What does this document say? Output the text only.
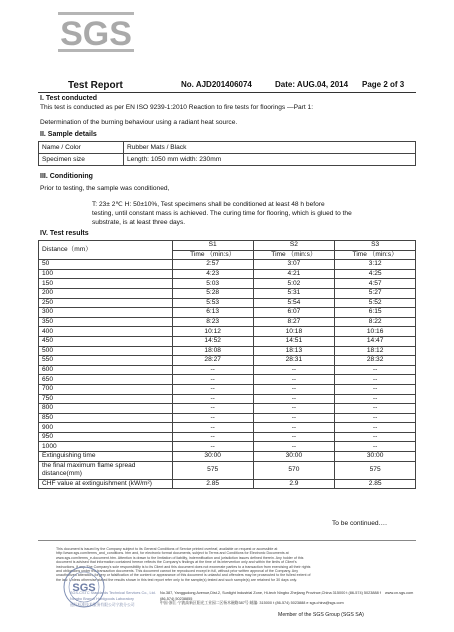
SGS
Test Report	No. AJD201406074	Date: AUG.04, 2014 Page 2 of 3
I. Test conducted
This test is conducted as per EN ISO 9239-1:2010 Reaction to fire tests for floorings —Part 1:
Determination of the burning behaviour using a radiant heat source.
II. Sample details
Name / Color	Rubber Mats / Black
Specimen size	Length: 1050 mm width: 230mm
III. Conditioning
Prior to testing, the sample was conditioned,
T: 23± 2℃ H: 50±10%, Test specimens shall be conditioned at least 48 h before
testing, until constant mass is achieved. The curing time for flooring, which is glued to the
substrate, is at least three days.
IV. Test results
Distance（mm）	S1	S2	S3
	Time （min:s）	Time （min:s）	Time （min:s）
50	2:57	3:07	3:12
100	4:23	4:21	4:25
150	5:03	5:02	4:57
200	5:28	5:31	5:27
250	5:53	5:54	5:52
300	6:13	6:07	6:15
350	8:23	8:27	8:22
400	10:12	10:18	10:16
450	14:52	14:51	14:47
500	18:08	18:13	18:12
550	28:27	28:31	28:32
600	--	--	--
650	--	--	--
700	--	--	--
750	--	--	--
800	--	--	--
850	--	--	--
900	--	--	--
950	--	--	--
1000	--	--	--
Extinguishing time	30:00	30:00	30:00

the final maximum flame spread
distance(mm)	575	570	575
CHF value at extinguishment (kW/m²)	2.85	2.9	2.85
To be continued….
This document is issued by the Company subject to its General Conditions of Service printed overleaf, available on request or accessible at http://www.sgs.com/terms_and_conditions. htm and, for electronic format documents, subject to Terms and Conditions for Electronic Documents at www.sgs.com/terms_e-document.htm. Attention is drawn to the limitation of liability, indemnification and jurisdiction issues defined therein. Any holder of this document is advised that information contained hereon reflects the Company's findings at the time of its intervention only and within the limits of Client's instructions, if any. The Company's sole responsibility is to its Client and this document does not exonerate parties to a transaction from exercising all their rights and obligations under the transaction documents. This document cannot be reproduced except in full, without prior written approval of the Company. Any unauthorized alteration, forgery or falsification of the content or appearance of this document is unlawful and offenders may be prosecuted to the fullest extent of the law. Unless otherwise stated the results shown in this test report refer only to the sample(s) tested and such sample(s) are retained for 30 days only.
SGS
SGS-CSTC Standards Technical Services Co., Ltd.
Ningbo Branch Hardgoods Laboratory
通标标准技术服务有限公司宁波分公司
No.387, Yanggudong Avenue,Dist.2, Sunlight Industrial Zone, Hi-tech Ningbo Zhejiang Province,China 315000 t (86-574) 5023888 f (86-574) 50238855
中国·浙江·宁波高新区阳光工业园二区杨木碗路387号 邮编: 315000 t (86-574) 5023888 e sgs.china@sgs.com
www.cn.sgs.com
Member of the SGS Group (SGS SA)
